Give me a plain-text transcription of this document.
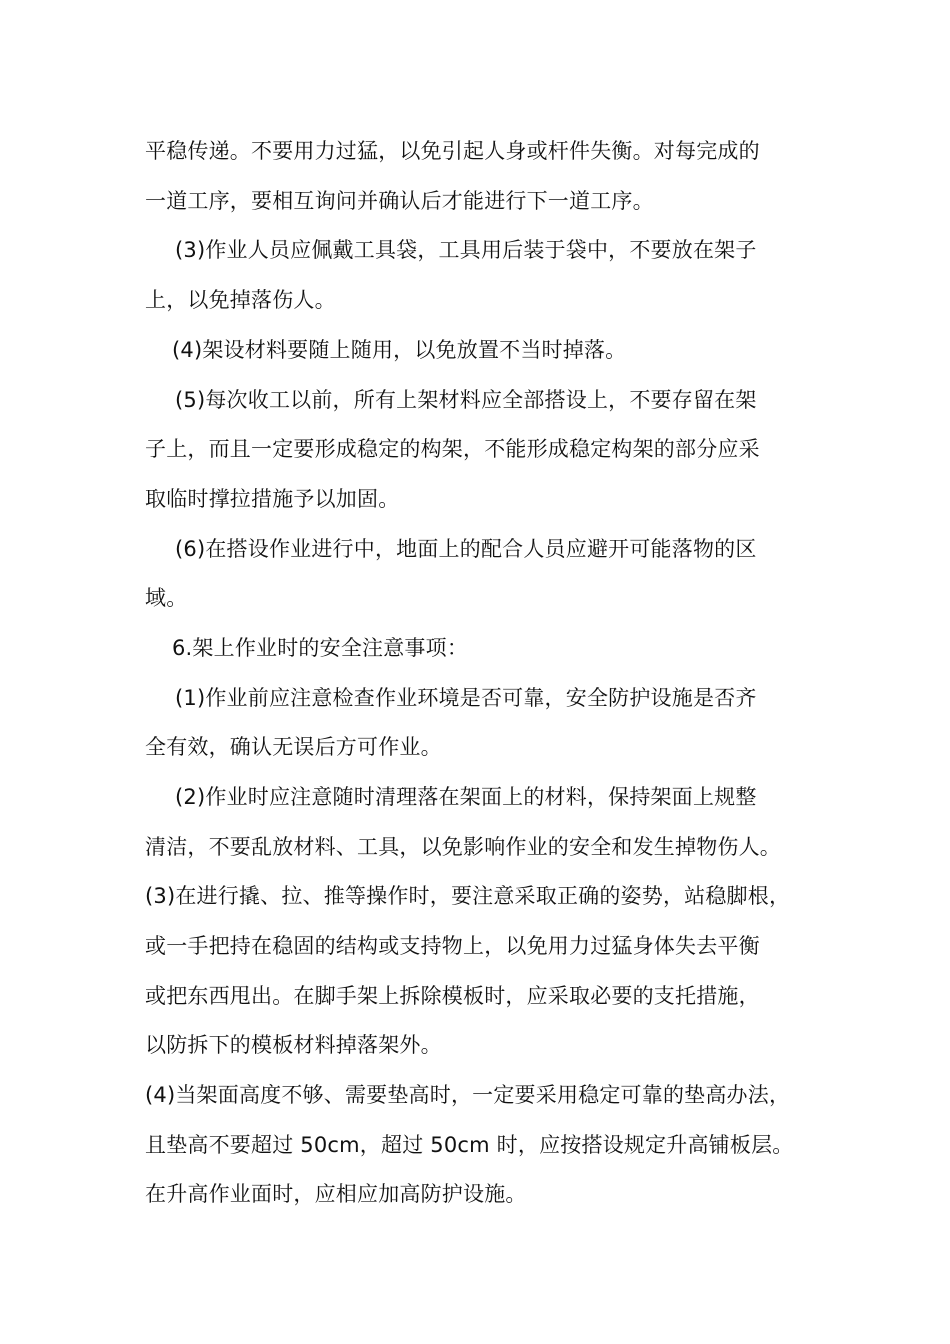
平稳传递。不要用力过猛，以免引起人身或杆件失衡。对每完成的
一道工序，要相互询问并确认后才能进行下一道工序。
(3)作业人员应佩戴工具袋，工具用后装于袋中，不要放在架子
上，以免掉落伤人。
(4)架设材料要随上随用，以免放置不当时掉落。
(5)每次收工以前，所有上架材料应全部搭设上，不要存留在架
子上，而且一定要形成稳定的构架，不能形成稳定构架的部分应采
取临时撑拉措施予以加固。
(6)在搭设作业进行中，地面上的配合人员应避开可能落物的区
域。
6.架上作业时的安全注意事项：
(1)作业前应注意检查作业环境是否可靠，安全防护设施是否齐
全有效，确认无误后方可作业。
(2)作业时应注意随时清理落在架面上的材料，保持架面上规整
清洁，不要乱放材料、工具，以免影响作业的安全和发生掉物伤人。
(3)在进行撬、拉、推等操作时，要注意采取正确的姿势，站稳脚根，
或一手把持在稳固的结构或支持物上，以免用力过猛身体失去平衡
或把东西甩出。在脚手架上拆除模板时，应采取必要的支托措施，
以防拆下的模板材料掉落架外。
(4)当架面高度不够、需要垫高时，一定要采用稳定可靠的垫高办法，
且垫高不要超过 50cm，超过 50cm 时，应按搭设规定升高铺板层。
在升高作业面时，应相应加高防护设施。
